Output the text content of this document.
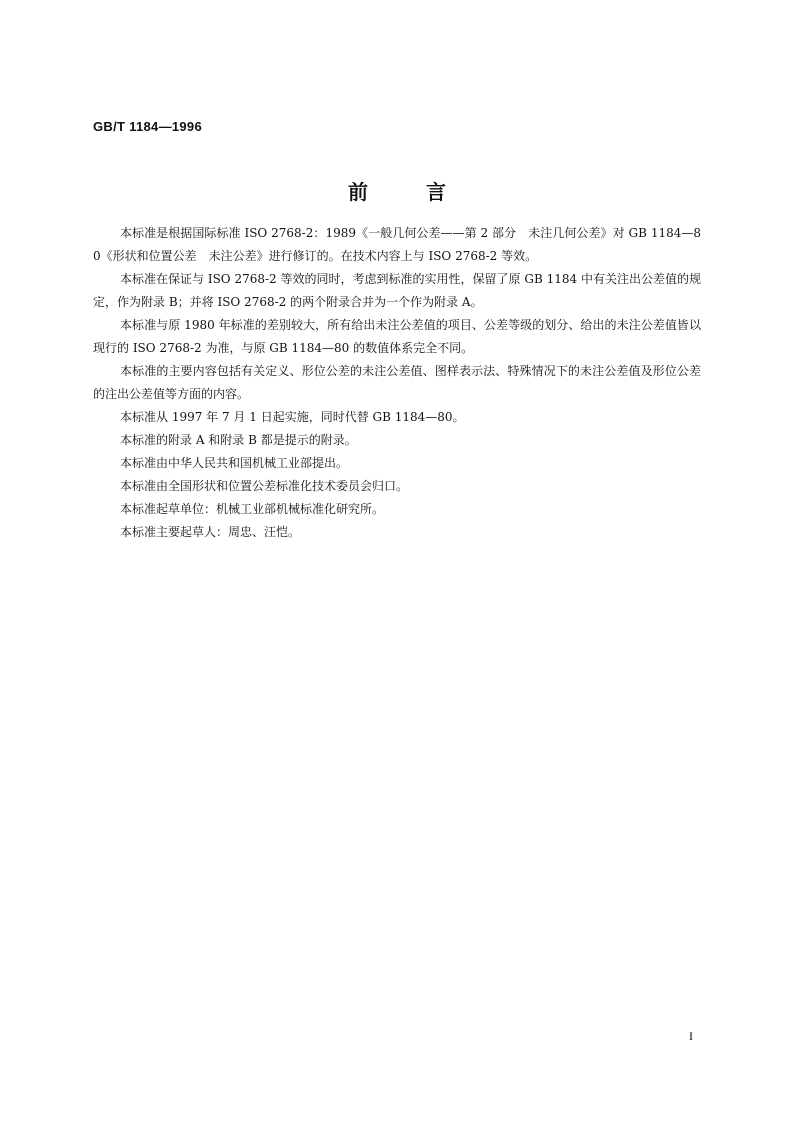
GB/T 1184—1996
前	言

本标准是根据国际标准 ISO 2768-2：1989《一般几何公差——第 2 部分　未注几何公差》对 GB 1184—80《形状和位置公差　未注公差》进行修订的。在技术内容上与 ISO 2768-2 等效。

本标准在保证与 ISO 2768-2 等效的同时，考虑到标准的实用性，保留了原 GB 1184 中有关注出公差值的规定，作为附录 B；并将 ISO 2768-2 的两个附录合并为一个作为附录 A。

本标准与原 1980 年标准的差别较大，所有给出未注公差值的项目、公差等级的划分、给出的未注公差值皆以现行的 ISO 2768-2 为准，与原 GB 1184—80 的数值体系完全不同。

本标准的主要内容包括有关定义、形位公差的未注公差值、图样表示法、特殊情况下的未注公差值及形位公差的注出公差值等方面的内容。

本标准从 1997 年 7 月 1 日起实施，同时代替 GB 1184—80。

本标准的附录 A 和附录 B 都是提示的附录。

本标准由中华人民共和国机械工业部提出。

本标准由全国形状和位置公差标准化技术委员会归口。

本标准起草单位：机械工业部机械标准化研究所。

本标准主要起草人：周忠、汪恺。

I
